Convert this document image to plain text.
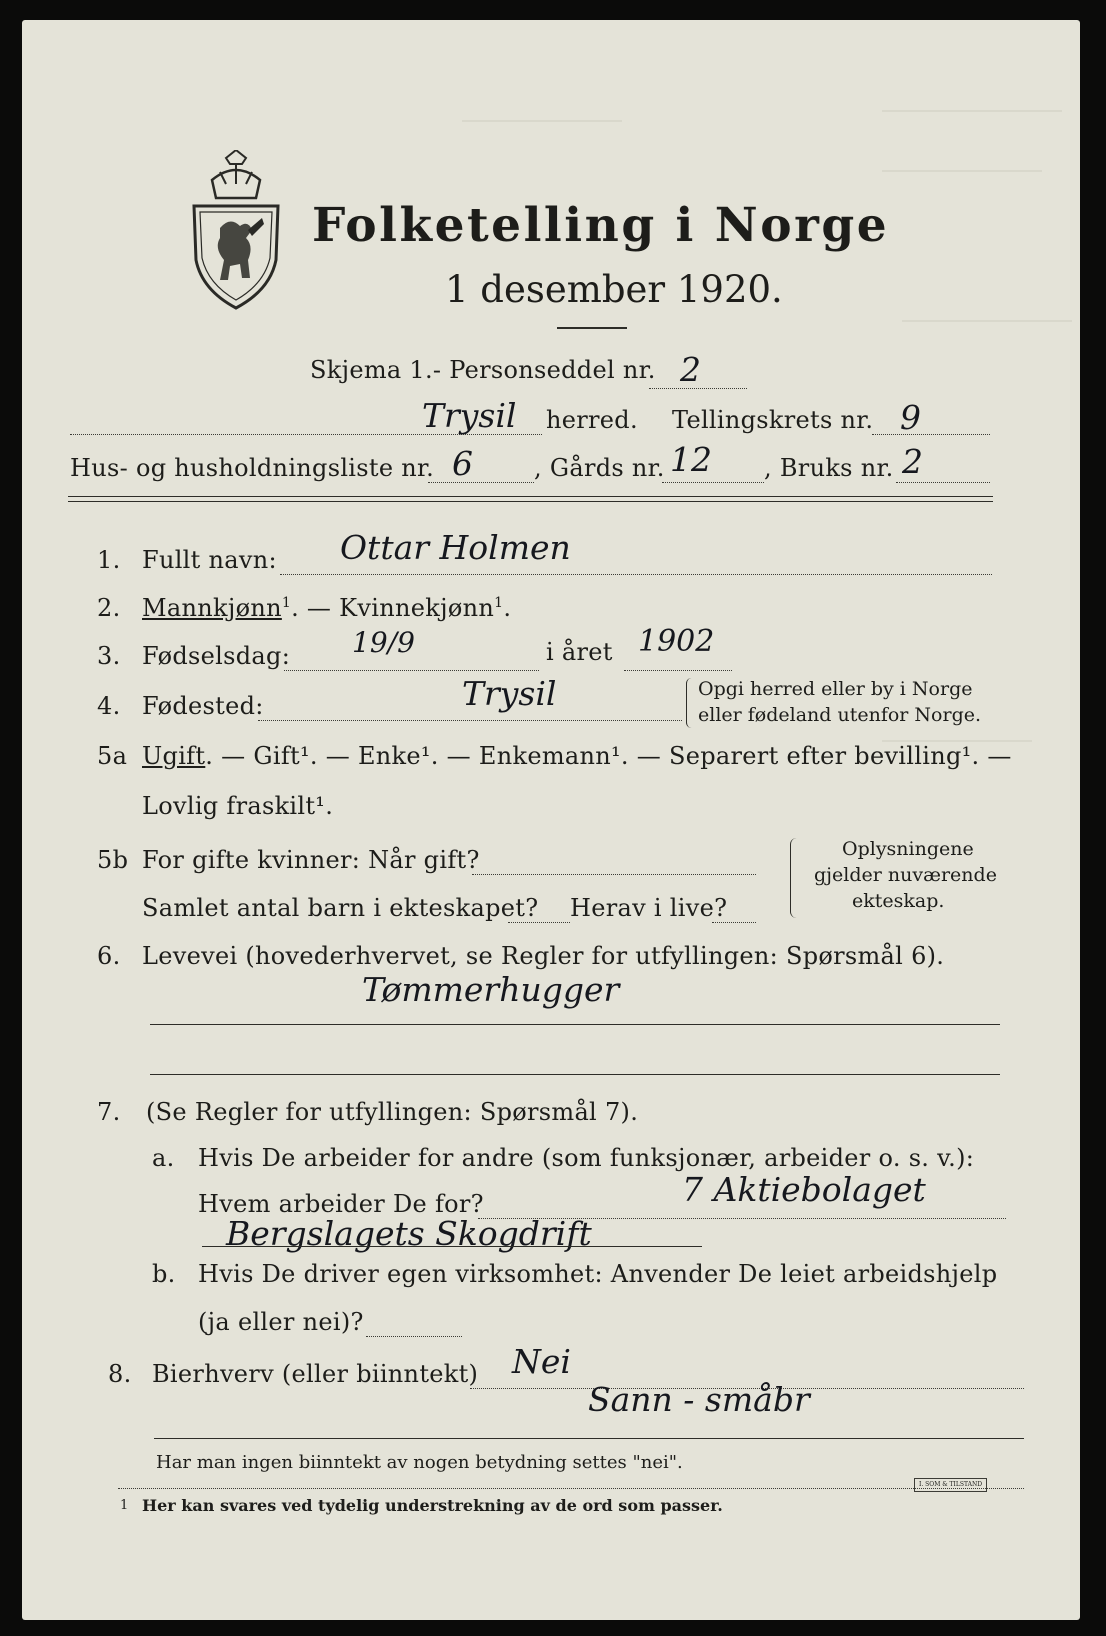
Folketelling i Norge
1 desember 1920.
Skjema 1.- Personseddel nr. 2
Trysil herred. Tellingskrets nr. 9
Hus- og husholdningsliste nr. 6	, Gårds nr. 12 , Bruks nr. 2
1. Fullt navn: Ottar Holmen
2. Mannkjønn$^1$. — Kvinnekjønn$^1$.
3. Fødselsdag: 19/9	i året 1902
4. Fødested:	Trysil	Opgi herred eller by i Norge
eller fødeland utenfor Norge.
5a Ugift. — Gift¹. — Enke¹. — Enkemann¹. — Separert efter bevilling¹. —
Lovlig fraskilt¹.
5b For gifte kvinner: Når gift?
Samlet antal barn i ekteskapet? Herav i live?
Oplysningene
gjelder nuværende
ekteskap.
6. Levevei (hovederhvervet, se Regler for utfyllingen: Spørsmål 6).
Tømmerhugger
7. (Se Regler for utfyllingen: Spørsmål 7).
a. Hvis De arbeider for andre (som funksjonær, arbeider o. s. v.):
Hvem arbeider De for?	7 Aktiebolaget
Bergslagets Skogdrift
b. Hvis De driver egen virksomhet: Anvender De leiet arbeidshjelp
(ja eller nei)?
8. Bierhverv (eller biinntekt) Nei
Sann - småbr
Har man ingen biinntekt av nogen betydning settes "nei".
1 Her kan svares ved tydelig understrekning av de ord som passer.
I. SOM & TILSTAND
